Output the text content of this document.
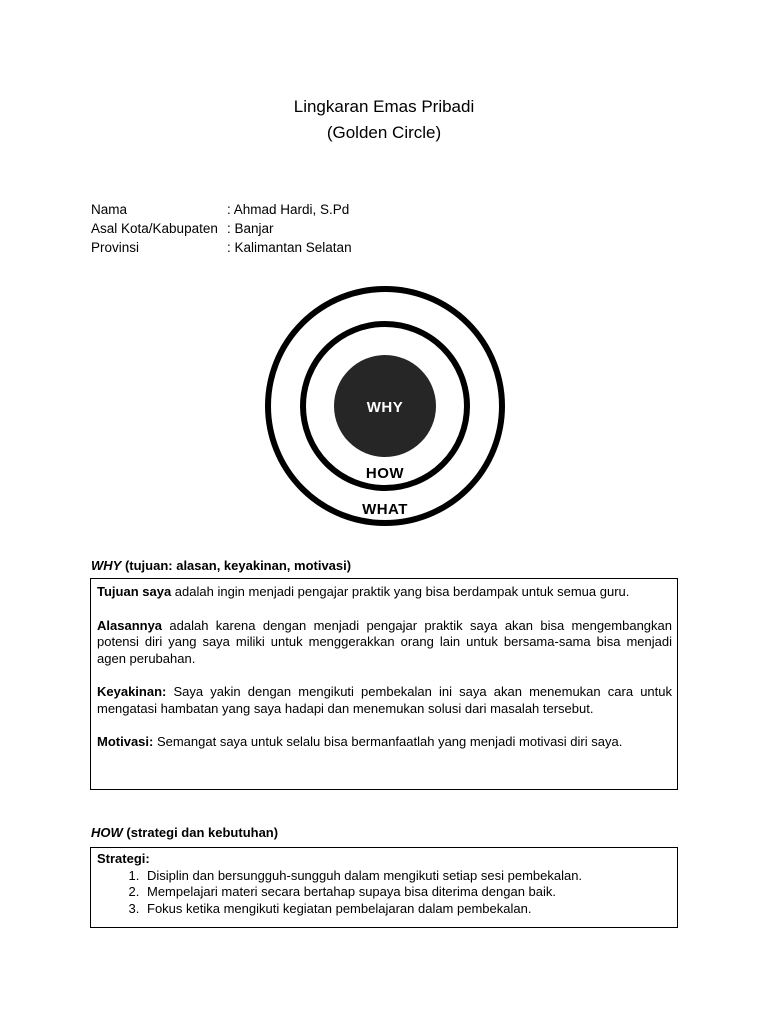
Lingkaran Emas Pribadi
(Golden Circle)
Nama	: Ahmad Hardi, S.Pd
Asal Kota/Kabupaten : Banjar
Provinsi	: Kalimantan Selatan
WHY
HOW
WHAT
WHY (tujuan: alasan, keyakinan, motivasi)

Tujuan saya adalah ingin menjadi pengajar praktik yang bisa berdampak untuk semua guru.

Alasannya adalah karena dengan menjadi pengajar praktik saya akan bisa mengembangkan potensi diri yang saya miliki untuk menggerakkan orang lain untuk bersama-sama bisa menjadi agen perubahan.

Keyakinan: Saya yakin dengan mengikuti pembekalan ini saya akan menemukan cara untuk mengatasi hambatan yang saya hadapi dan menemukan solusi dari masalah tersebut.

Motivasi: Semangat saya untuk selalu bisa bermanfaatlah yang menjadi motivasi diri saya.

HOW (strategi dan kebutuhan)
Strategi:
1. Disiplin dan bersungguh-sungguh dalam mengikuti setiap sesi pembekalan.
2. Mempelajari materi secara bertahap supaya bisa diterima dengan baik.
3. Fokus ketika mengikuti kegiatan pembelajaran dalam pembekalan.
